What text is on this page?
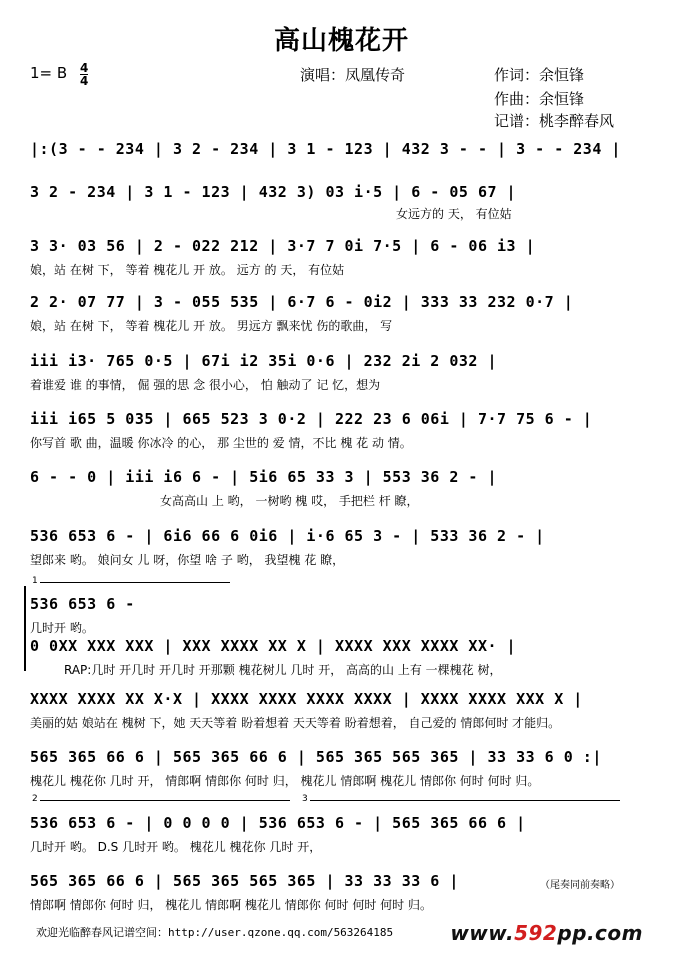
高山槐花开
1= B 4
4	演唱：凤凰传奇	作词：余恒锋
作曲：余恒锋
记谱：桃李醉春风
|:(3 - - 234 | 3 2 - 234 | 3 1 - 123 | 432 3 - - | 3 - - 234 |
3 2 - 234 | 3 1 - 123 | 432 3) 03 i·5 | 6 - 05 67 |
女远方的 天， 有位姑
3 3· 03 56 | 2 - 022 212 | 3·7 7 0i 7·5 | 6 - 06 i3 |
娘，站 在树 下， 等着 槐花儿 开 放。 远方 的 天， 有位姑
2 2· 07 77 | 3 - 055 535 | 6·7 6 - 0i2 | 333 33 232 0·7 |
娘，站 在树 下， 等着 槐花儿 开 放。 男远方 飘来忧 伤的歌曲， 写
iii i3· 765 0·5 | 67i i2 35i 0·6 | 232 2i 2 032 |
着谁爱 谁 的事情， 倔 强的思 念 很小心， 怕 触动了 记 忆，想为
iii i65 5 035 | 665 523 3 0·2 | 222 23 6 06i | 7·7 75 6 - |
你写首 歌 曲，温暖 你冰冷 的心， 那 尘世的 爱 情，不比 槐 花 动 情。
6 - - 0 | iii i6 6 - | 5i6 65 33 3 | 553 36 2 - |
女高高山 上 哟， 一树哟 槐 哎， 手把栏 杆 瞭，
536 653 6 - | 6i6 66 6 0i6 | i·6 65 3 - | 533 36 2 - |
望郎来 哟。 娘问女 儿 呀，你望 啥 子 哟， 我望槐 花 瞭，
1
536 653 6 -
几时开 哟。
0 0XX XXX XXX | XXX XXXX XX X | XXXX XXX XXXX XX· |
RAP:几时 开几时 开几时 开那颗 槐花树儿 几时 开， 高高的山 上有 一棵槐花 树，
XXXX XXXX XX X·X | XXXX XXXX XXXX XXXX | XXXX XXXX XXX X |
美丽的姑 娘站在 槐树 下，她 天天等着 盼着想着 天天等着 盼着想着， 自己爱的 情郎何时 才能归。
565 365 66 6 | 565 365 66 6 | 565 365 565 365 | 33 33 6 0 :|
槐花儿 槐花你 几时 开， 情郎啊 情郎你 何时 归， 槐花儿 情郎啊 槐花儿 情郎你 何时 何时 归。
2	3
536 653 6 - | 0 0 0 0 | 536 653 6 - | 565 365 66 6 |
几时开 哟。 D.S 几时开 哟。 槐花儿 槐花你 几时 开，
565 365 66 6 | 565 365 565 365 | 33 33 33 6 |
情郎啊 情郎你 何时 归， 槐花儿 情郎啊 槐花儿 情郎你 何时 何时 何时 归。
（尾奏同前奏略）
欢迎光临醉春风记谱空间：http://user.qzone.qq.com/563264185	www.592pp.com
